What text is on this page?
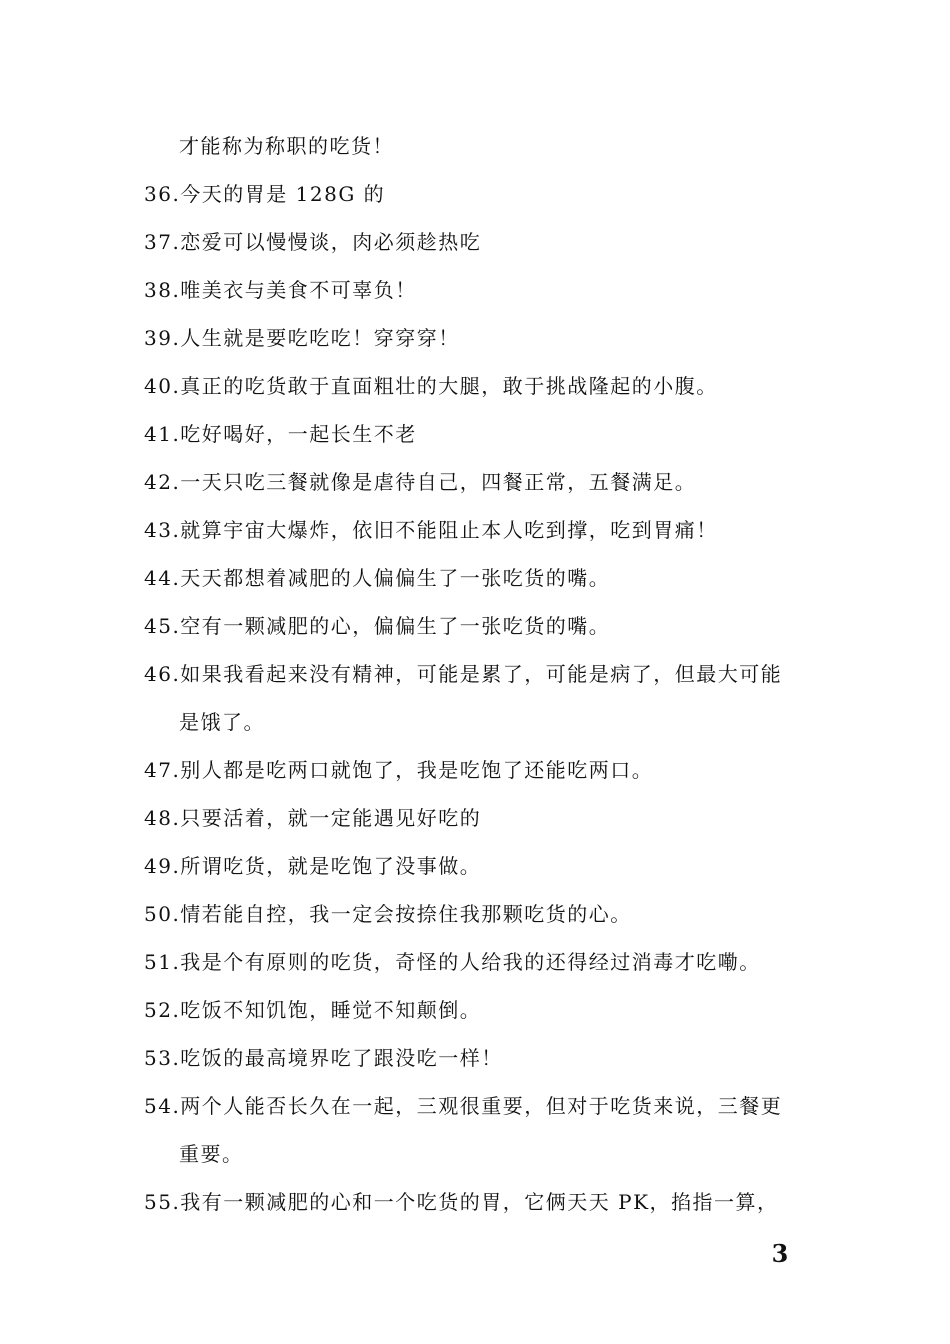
才能称为称职的吃货！
36.今天的胃是 128G 的
37.恋爱可以慢慢谈，肉必须趁热吃
38.唯美衣与美食不可辜负！
39.人生就是要吃吃吃！穿穿穿！
40.真正的吃货敢于直面粗壮的大腿，敢于挑战隆起的小腹。
41.吃好喝好，一起长生不老
42.一天只吃三餐就像是虐待自己，四餐正常，五餐满足。
43.就算宇宙大爆炸，依旧不能阻止本人吃到撑，吃到胃痛！
44.天天都想着减肥的人偏偏生了一张吃货的嘴。
45.空有一颗减肥的心，偏偏生了一张吃货的嘴。
46.如果我看起来没有精神，可能是累了，可能是病了，但最大可能
是饿了。
47.别人都是吃两口就饱了，我是吃饱了还能吃两口。
48.只要活着，就一定能遇见好吃的
49.所谓吃货，就是吃饱了没事做。
50.情若能自控，我一定会按捺住我那颗吃货的心。
51.我是个有原则的吃货，奇怪的人给我的还得经过消毒才吃嘞。
52.吃饭不知饥饱，睡觉不知颠倒。
53.吃饭的最高境界吃了跟没吃一样！
54.两个人能否长久在一起，三观很重要，但对于吃货来说，三餐更
重要。
55.我有一颗减肥的心和一个吃货的胃，它俩天天 PK，掐指一算，
3
